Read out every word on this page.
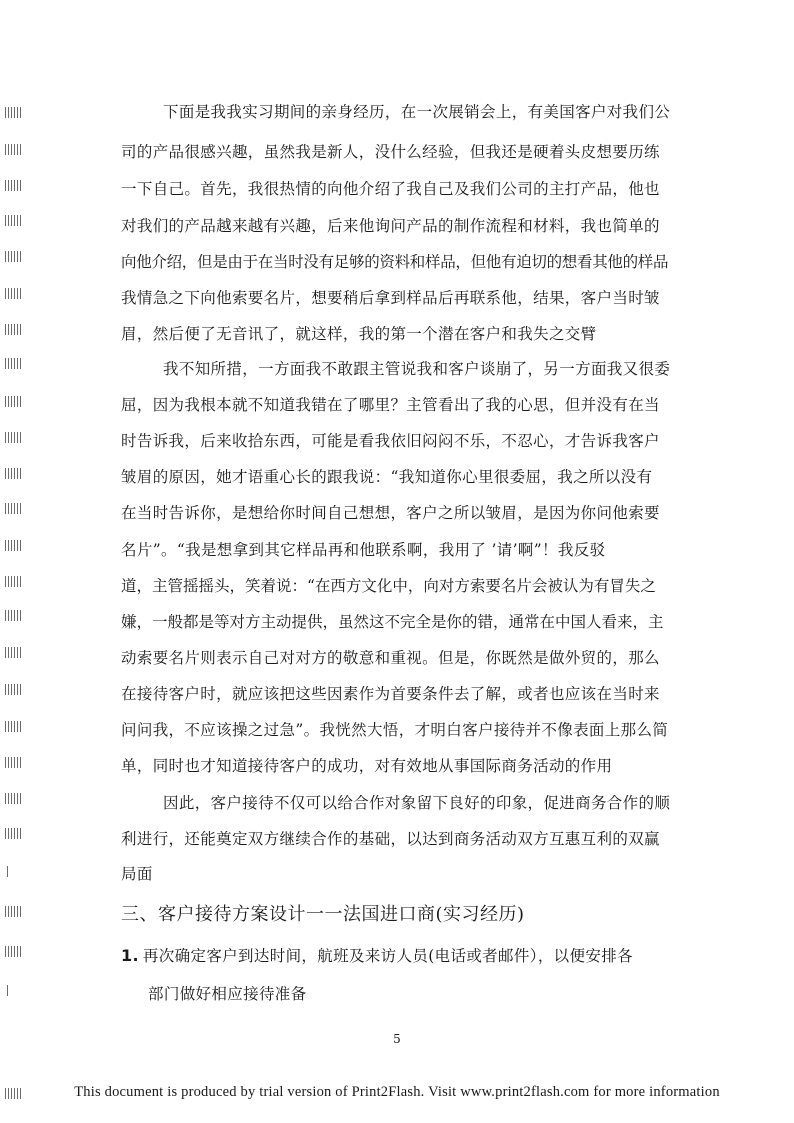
下面是我我实习期间的亲身经历，在一次展销会上，有美国客户对我们公
司的产品很感兴趣，虽然我是新人，没什么经验，但我还是硬着头皮想要历练
一下自己。首先，我很热情的向他介绍了我自己及我们公司的主打产品，他也
对我们的产品越来越有兴趣，后来他询问产品的制作流程和材料，我也简单的
向他介绍，但是由于在当时没有足够的资料和样品，但他有迫切的想看其他的样品
我情急之下向他索要名片，想要稍后拿到样品后再联系他，结果，客户当时皱
眉，然后便了无音讯了，就这样，我的第一个潜在客户和我失之交臂
我不知所措，一方面我不敢跟主管说我和客户谈崩了，另一方面我又很委
屈，因为我根本就不知道我错在了哪里？主管看出了我的心思，但并没有在当
时告诉我，后来收拾东西，可能是看我依旧闷闷不乐，不忍心，才告诉我客户
皱眉的原因，她才语重心长的跟我说：“我知道你心里很委屈，我之所以没有
在当时告诉你，是想给你时间自己想想，客户之所以皱眉，是因为你问他索要
名片”。“我是想拿到其它样品再和他联系啊，我用了 ’请’啊”！我反驳
道，主管摇摇头，笑着说：“在西方文化中，向对方索要名片会被认为有冒失之
嫌，一般都是等对方主动提供，虽然这不完全是你的错，通常在中国人看来，主
动索要名片则表示自己对对方的敬意和重视。但是，你既然是做外贸的，那么
在接待客户时，就应该把这些因素作为首要条件去了解，或者也应该在当时来
问问我，不应该操之过急”。我恍然大悟，才明白客户接待并不像表面上那么简
单，同时也才知道接待客户的成功，对有效地从事国际商务活动的作用
因此，客户接待不仅可以给合作对象留下良好的印象，促进商务合作的顺
利进行，还能奠定双方继续合作的基础，以达到商务活动双方互惠互利的双赢
局面
三、客户接待方案设计一一法国进口商(实习经历)
1. 再次确定客户到达时间，航班及来访人员(电话或者邮件），以便安排各
部门做好相应接待准备
5
This document is produced by trial version of Print2Flash. Visit www.print2flash.com for more information
